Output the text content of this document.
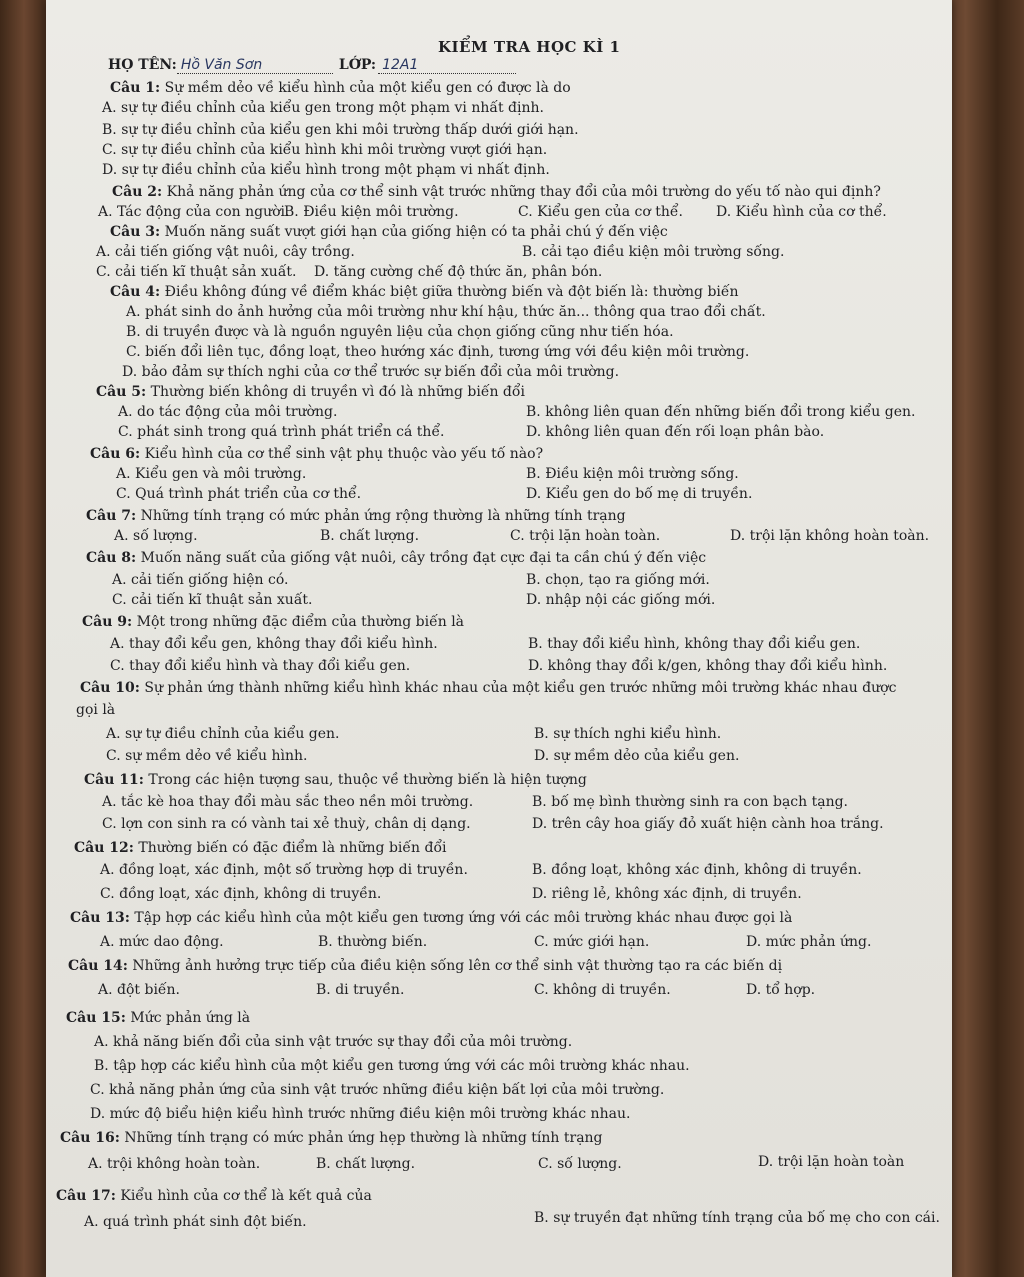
KIỂM TRA HỌC KÌ 1
HỌ TÊN: Hồ Văn Sơn	LỚP: 12A1
Câu 1: Sự mềm dẻo về kiểu hình của một kiểu gen có được là do
A. sự tự điều chỉnh của kiểu gen trong một phạm vi nhất định.
B. sự tự điều chỉnh của kiểu gen khi môi trường thấp dưới giới hạn.
C. sự tự điều chỉnh của kiểu hình khi môi trường vượt giới hạn.
D. sự tự điều chỉnh của kiểu hình trong một phạm vi nhất định.
Câu 2: Khả năng phản ứng của cơ thể sinh vật trước những thay đổi của môi trường do yếu tố nào qui định?
A. Tác động của con người.
B. Điều kiện môi trường.	C. Kiểu gen của cơ thể. D. Kiểu hình của cơ thể.
Câu 3: Muốn năng suất vượt giới hạn của giống hiện có ta phải chú ý đến việc
A. cải tiến giống vật nuôi, cây trồng.	B. cải tạo điều kiện môi trường sống.
C. cải tiến kĩ thuật sản xuất. D. tăng cường chế độ thức ăn, phân bón.
Câu 4: Điều không đúng về điểm khác biệt giữa thường biến và đột biến là: thường biến
A. phát sinh do ảnh hưởng của môi trường như khí hậu, thức ăn... thông qua trao đổi chất.
B. di truyền được và là nguồn nguyên liệu của chọn giống cũng như tiến hóa.
C. biến đổi liên tục, đồng loạt, theo hướng xác định, tương ứng với đều kiện môi trường.
D. bảo đảm sự thích nghi của cơ thể trước sự biến đổi của môi trường.
Câu 5: Thường biến không di truyền vì đó là những biến đổi
A. do tác động của môi trường.	B. không liên quan đến những biến đổi trong kiểu gen.
C. phát sinh trong quá trình phát triển cá thể.	D. không liên quan đến rối loạn phân bào.
Câu 6: Kiểu hình của cơ thể sinh vật phụ thuộc vào yếu tố nào?
A. Kiểu gen và môi trường.	B. Điều kiện môi trường sống.
C. Quá trình phát triển của cơ thể.	D. Kiểu gen do bố mẹ di truyền.
Câu 7: Những tính trạng có mức phản ứng rộng thường là những tính trạng
A. số lượng.	B. chất lượng.	C. trội lặn hoàn toàn.	D. trội lặn không hoàn toàn.
Câu 8: Muốn năng suất của giống vật nuôi, cây trồng đạt cực đại ta cần chú ý đến việc
A. cải tiến giống hiện có.	B. chọn, tạo ra giống mới.
C. cải tiến kĩ thuật sản xuất.	D. nhập nội các giống mới.
Câu 9: Một trong những đặc điểm của thường biến là
A. thay đổi kểu gen, không thay đổi kiểu hình.	B. thay đổi kiểu hình, không thay đổi kiểu gen.
C. thay đổi kiểu hình và thay đổi kiểu gen.	D. không thay đổi k/gen, không thay đổi kiểu hình.
Câu 10: Sự phản ứng thành những kiểu hình khác nhau của một kiểu gen trước những môi trường khác nhau được
gọi là
A. sự tự điều chỉnh của kiểu gen.	B. sự thích nghi kiểu hình.
C. sự mềm dẻo về kiểu hình.	D. sự mềm dẻo của kiểu gen.
Câu 11: Trong các hiện tượng sau, thuộc về thường biến là hiện tượng
A. tắc kè hoa thay đổi màu sắc theo nền môi trường.
C. lợn con sinh ra có vành tai xẻ thuỳ, chân dị dạng.
B. bố mẹ bình thường sinh ra con bạch tạng.
D. trên cây hoa giấy đỏ xuất hiện cành hoa trắng.
Câu 12: Thường biến có đặc điểm là những biến đổi
A. đồng loạt, xác định, một số trường hợp di truyền.	B. đồng loạt, không xác định, không di truyền.
C. đồng loạt, xác định, không di truyền.	D. riêng lẻ, không xác định, di truyền.
Câu 13: Tập hợp các kiểu hình của một kiểu gen tương ứng với các môi trường khác nhau được gọi là
A. mức dao động.	B. thường biến.	C. mức giới hạn.	D. mức phản ứng.
Câu 14: Những ảnh hưởng trực tiếp của điều kiện sống lên cơ thể sinh vật thường tạo ra các biến dị
A. đột biến.	B. di truyền.	C. không di truyền.	D. tổ hợp.
Câu 15: Mức phản ứng là
A. khả năng biến đổi của sinh vật trước sự thay đổi của môi trường.
B. tập hợp các kiểu hình của một kiểu gen tương ứng với các môi trường khác nhau.
C. khả năng phản ứng của sinh vật trước những điều kiện bất lợi của môi trường.
D. mức độ biểu hiện kiểu hình trước những điều kiện môi trường khác nhau.
Câu 16: Những tính trạng có mức phản ứng hẹp thường là những tính trạng
A. trội không hoàn toàn.	B. chất lượng.	C. số lượng.	D. trội lặn hoàn toàn
Câu 17: Kiểu hình của cơ thể là kết quả của
A. quá trình phát sinh đột biến.	B. sự truyền đạt những tính trạng của bố mẹ cho con cái.
